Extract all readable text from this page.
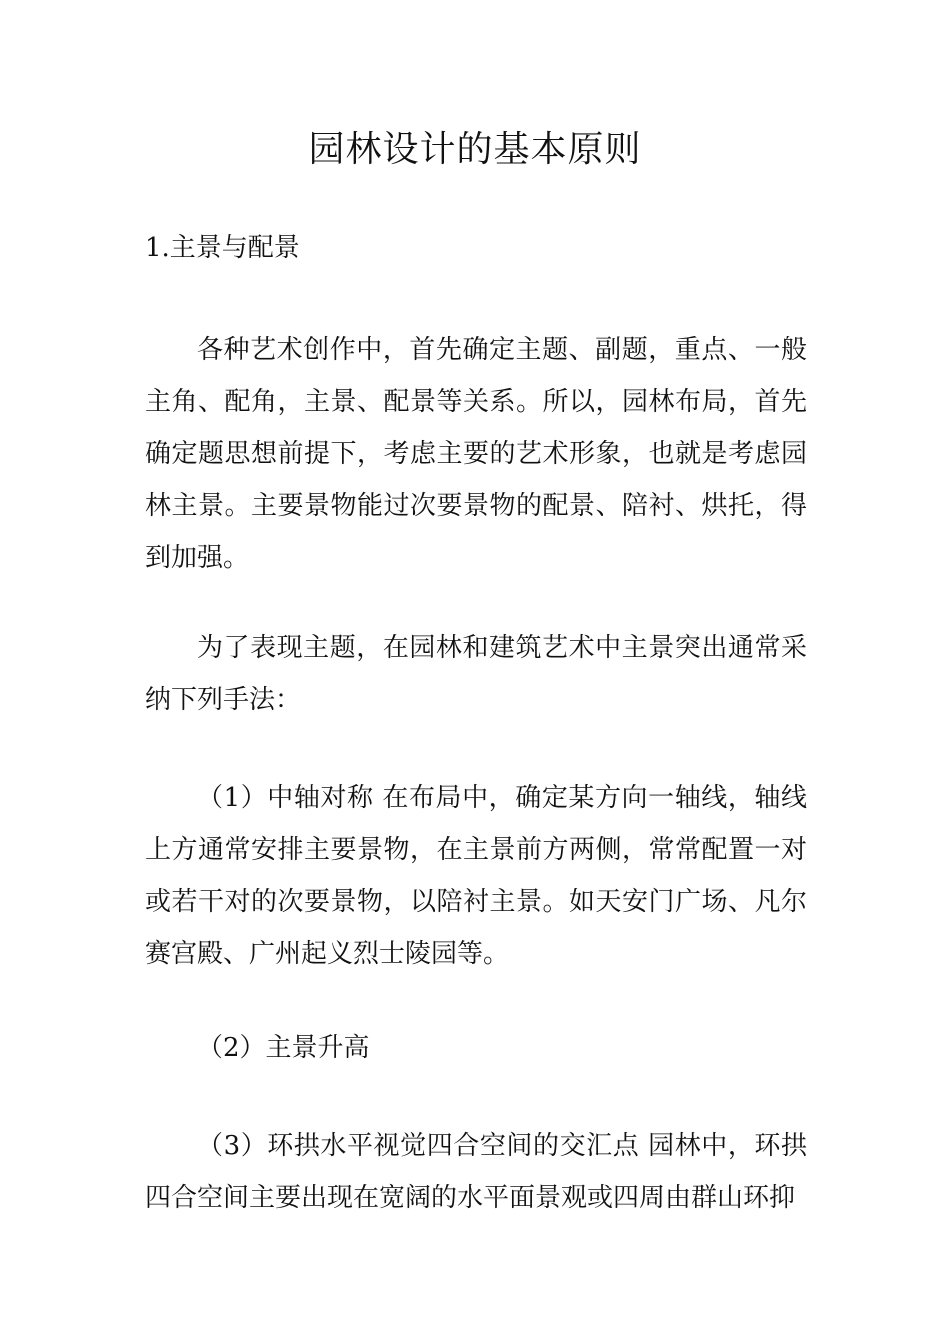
园林设计的基本原则

1.主景与配景

各种艺术创作中，首先确定主题、副题，重点、一般主角、配角，主景、配景等关系。所以，园林布局，首先确定题思想前提下，考虑主要的艺术形象，也就是考虑园林主景。主要景物能过次要景物的配景、陪衬、烘托，得到加强。

为了表现主题，在园林和建筑艺术中主景突出通常采纳下列手法：

（1）中轴对称 在布局中，确定某方向一轴线，轴线上方通常安排主要景物，在主景前方两侧，常常配置一对或若干对的次要景物，以陪衬主景。如天安门广场、凡尔赛宫殿、广州起义烈士陵园等。

（2）主景升高

（3）环拱水平视觉四合空间的交汇点 园林中，环拱四合空间主要出现在宽阔的水平面景观或四周由群山环抑
